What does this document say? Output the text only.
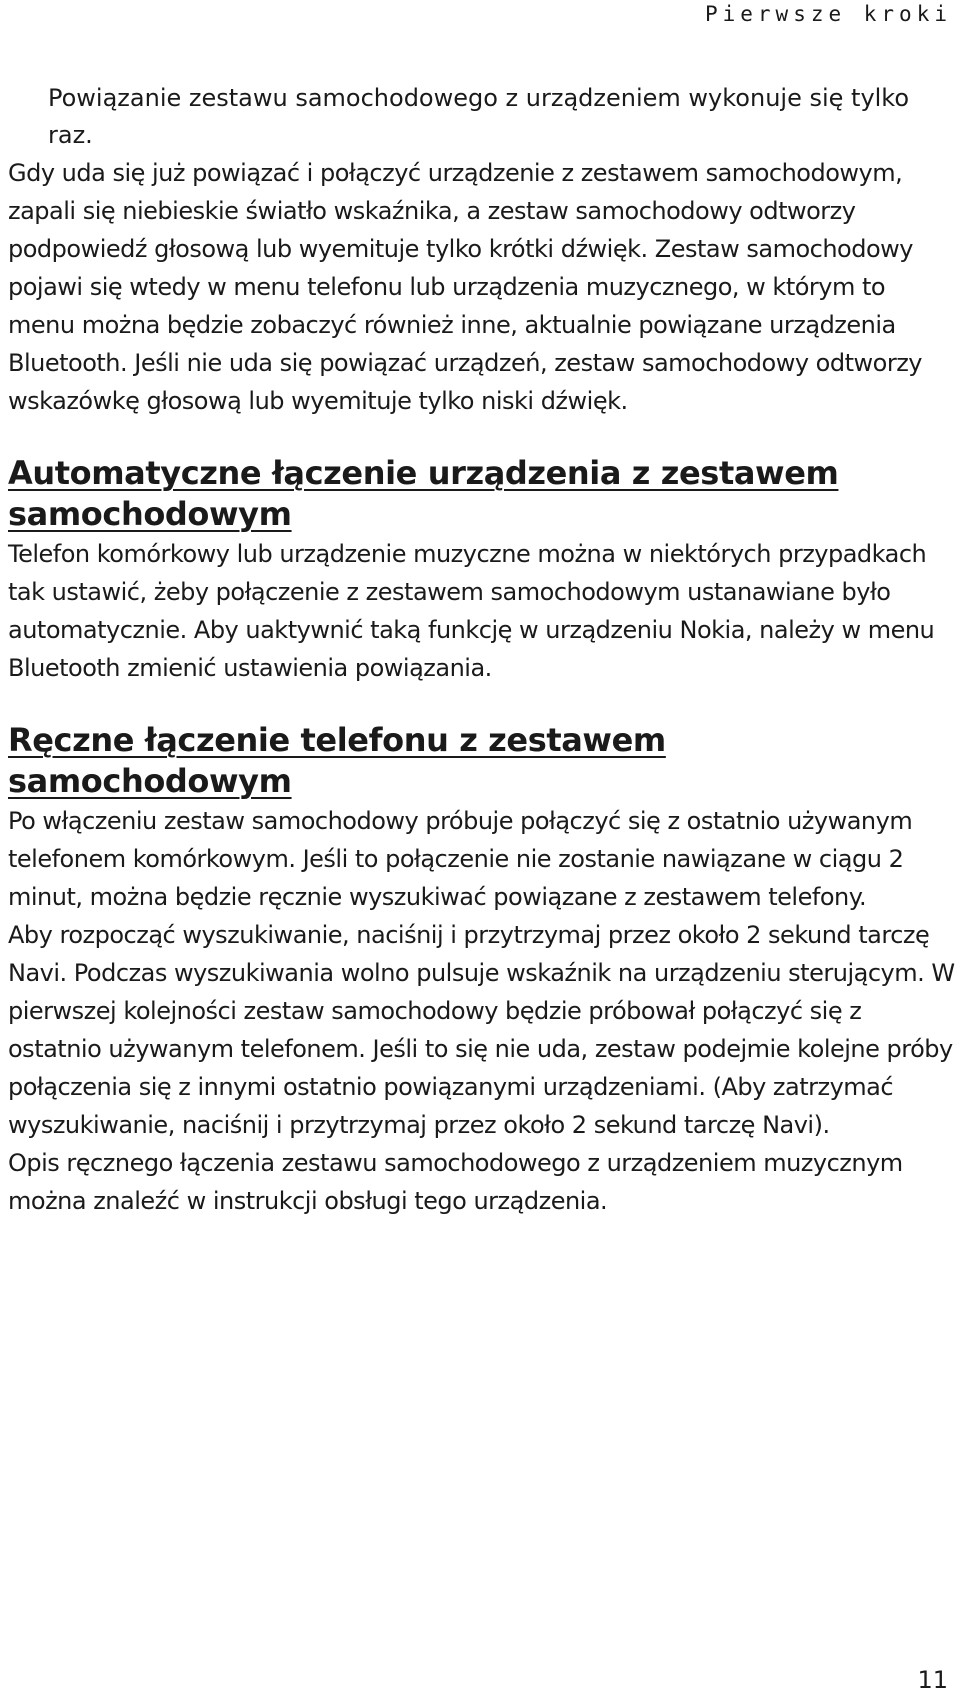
Pierwsze kroki

Powiązanie zestawu samochodowego z urządzeniem wykonuje się tylko raz.

Gdy uda się już powiązać i połączyć urządzenie z zestawem samochodowym, zapali się niebieskie światło wskaźnika, a zestaw samochodowy odtworzy podpowiedź głosową lub wyemituje tylko krótki dźwięk. Zestaw samochodowy pojawi się wtedy w menu telefonu lub urządzenia muzycznego, w którym to menu można będzie zobaczyć również inne, aktualnie powiązane urządzenia Bluetooth. Jeśli nie uda się powiązać urządzeń, zestaw samochodowy odtworzy wskazówkę głosową lub wyemituje tylko niski dźwięk.

Automatyczne łączenie urządzenia z zestawem samochodowym

Telefon komórkowy lub urządzenie muzyczne można w niektórych przypadkach tak ustawić, żeby połączenie z zestawem samochodowym ustanawiane było automatycznie. Aby uaktywnić taką funkcję w urządzeniu Nokia, należy w menu Bluetooth zmienić ustawienia powiązania.

Ręczne łączenie telefonu z zestawem samochodowym

Po włączeniu zestaw samochodowy próbuje połączyć się z ostatnio używanym telefonem komórkowym. Jeśli to połączenie nie zostanie nawiązane w ciągu 2 minut, można będzie ręcznie wyszukiwać powiązane z zestawem telefony.

Aby rozpocząć wyszukiwanie, naciśnij i przytrzymaj przez około 2 sekund tarczę Navi. Podczas wyszukiwania wolno pulsuje wskaźnik na urządzeniu sterującym. W pierwszej kolejności zestaw samochodowy będzie próbował połączyć się z ostatnio używanym telefonem. Jeśli to się nie uda, zestaw podejmie kolejne próby połączenia się z innymi ostatnio powiązanymi urządzeniami. (Aby zatrzymać wyszukiwanie, naciśnij i przytrzymaj przez około 2 sekund tarczę Navi).

Opis ręcznego łączenia zestawu samochodowego z urządzeniem muzycznym można znaleźć w instrukcji obsługi tego urządzenia.

11
